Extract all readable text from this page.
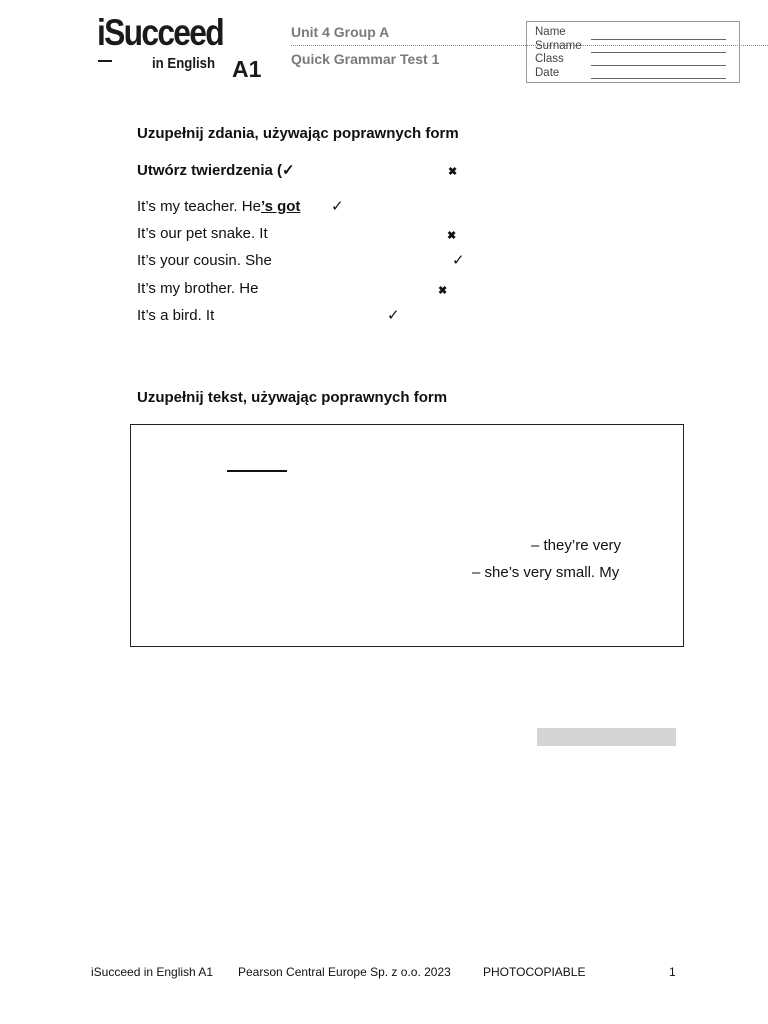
iSucceed
in English A1
Unit 4 Group A
Quick Grammar Test 1
Name
Surname
Class
Date
Uzupełnij zdania, używając poprawnych form
Utwórz twierdzenia (✓	✖
It’s my teacher. He’s got ✓
It’s our pet snake. It	✖
It’s your cousin. She	✓
It’s my brother. He	✖
It’s a bird. It	✓
Uzupełnij tekst, używając poprawnych form
– they’re very
– she’s very small. My
iSucceed in English A1 Pearson Central Europe Sp. z o.o. 2023	PHOTOCOPIABLE	1
